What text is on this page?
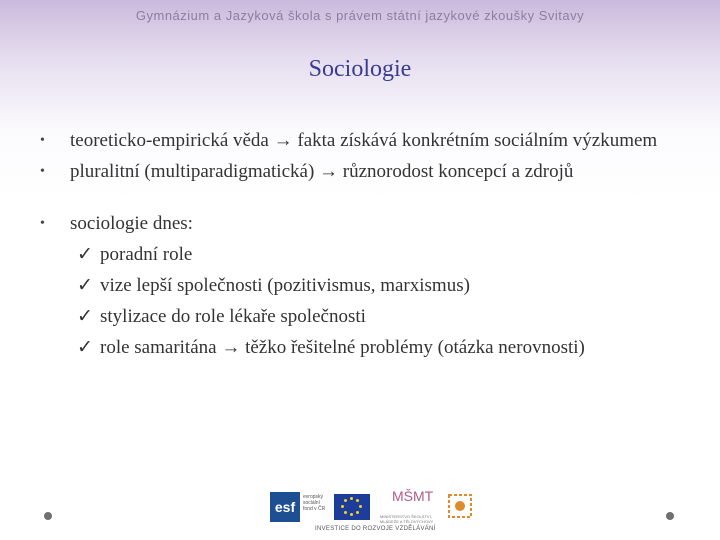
Gymnázium a Jazyková škola s právem státní jazykové zkoušky Svitavy
Sociologie
• teoreticko-empirická věda → fakta získává konkrétním sociálním výzkumem
• pluralitní (multiparadigmatická) → různorodost koncepcí a zdrojů
• sociologie dnes:
✓ poradní role
✓ vize lepší společnosti (pozitivismus, marxismus)
✓ stylizace do role lékaře společnosti
✓ role samaritána → těžko řešitelné problémy (otázka nerovnosti)
esf
evropský sociální fond v ČR
MŠMT
MINISTERSTVO ŠKOLSTVÍ, MLÁDEŽE A TĚLOVÝCHOVY
INVESTICE DO ROZVOJE VZDĚLÁVÁNÍ
